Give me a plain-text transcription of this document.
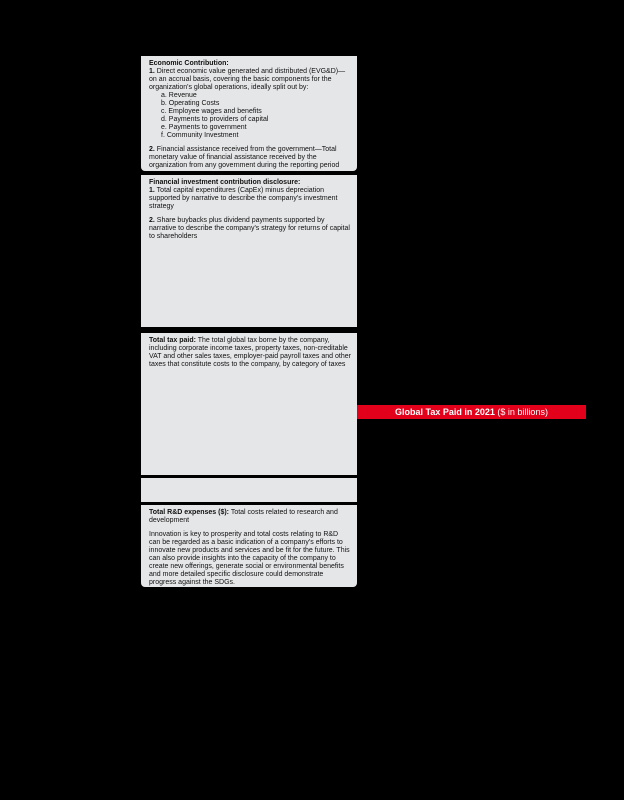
Economic Contribution:
1. Direct economic value generated and distributed (EVG&D)—on an accrual basis, covering the basic components for the organization's global operations, ideally split out by:
a. Revenue
b. Operating Costs
c. Employee wages and benefits
d. Payments to providers of capital
e. Payments to government
f. Community Investment
2. Financial assistance received from the government—Total monetary value of financial assistance received by the organization from any government during the reporting period
Financial investment contribution disclosure:
1. Total capital expenditures (CapEx) minus depreciation supported by narrative to describe the company's investment strategy
2. Share buybacks plus dividend payments supported by narrative to describe the company's strategy for returns of capital to shareholders
Total tax paid: The total global tax borne by the company, including corporate income taxes, property taxes, non-creditable VAT and other sales taxes, employer-paid payroll taxes and other taxes that constitute costs to the company, by category of taxes
Total R&D expenses ($): Total costs related to research and development
Innovation is key to prosperity and total costs relating to R&D can be regarded as a basic indication of a company's efforts to innovate new products and services and be fit for the future. This can also provide insights into the capacity of the company to create new offerings, generate social or environmental benefits and more detailed specific disclosure could demonstrate progress against the SDGs.
Global Tax Paid in 2021 ($ in billions)
